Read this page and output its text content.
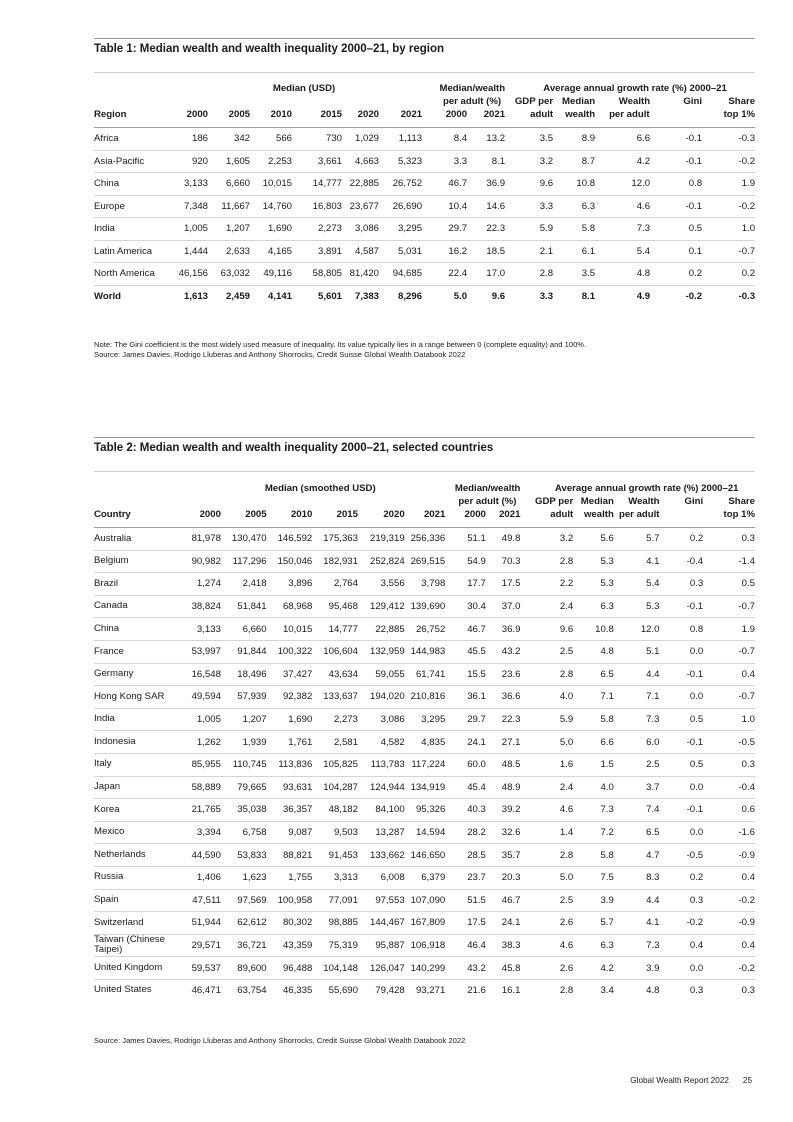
Table 1: Median wealth and wealth inequality 2000–21, by region
	Median (USD)						Median/wealth		Average annual growth rate (%) 2000–21				
							per adult (%)		GDP per	Median	Wealth	Gini	Share
Region	2000	2005	2010	2015	2020	2021	2000	2021	adult	wealth	per adult		top 1%
Africa	186	342	566	730	1,029	1,113	8.4	13.2	3.5	8.9	6.6	-0.1	-0.3
Asia-Pacific	920	1,605	2,253	3,661	4,663	5,323	3.3	8.1	3.2	8.7	4.2	-0.1	-0.2
China	3,133	6,660	10,015	14,777	22,885	26,752	46.7	36.9	9.6	10.8	12.0	0.8	1.9
Europe	7,348	11,667	14,760	16,803	23,677	26,690	10.4	14.6	3.3	6.3	4.6	-0.1	-0.2
India	1,005	1,207	1,690	2,273	3,086	3,295	29.7	22.3	5.9	5.8	7.3	0.5	1.0
Latin America	1,444	2,633	4,165	3,891	4,587	5,031	16.2	18.5	2.1	6.1	5.4	0.1	-0.7
North America	46,156	63,032	49,116	58,805	81,420	94,685	22.4	17.0	2.8	3.5	4.8	0.2	0.2
World	1,613	2,459	4,141	5,601	7,383	8,296	5.0	9.6	3.3	8.1	4.9	-0.2	-0.3
Note: The Gini coefficient is the most widely used measure of inequality. Its value typically lies in a range between 0 (complete equality) and 100%.
Source: James Davies, Rodrigo Lluberas and Anthony Shorrocks, Credit Suisse Global Wealth Databook 2022
Table 2: Median wealth and wealth inequality 2000–21, selected countries
	Median (smoothed USD)						Median/wealth		Average annual growth rate (%) 2000–21				
							per adult (%)		GDP per	Median	Wealth	Gini	Share
Country	2000	2005	2010	2015	2020	2021	2000	2021	adult	wealth	per adult		top 1%
Australia	81,978	130,470	146,592	175,363	219,319	256,336	51.1	49.8	3.2	5.6	5.7	0.2	0.3
Belgium	90,982	117,296	150,046	182,931	252,824	269,515	54.9	70.3	2.8	5.3	4.1	-0.4	-1.4
Brazil	1,274	2,418	3,896	2,764	3,556	3,798	17.7	17.5	2.2	5.3	5.4	0.3	0.5
Canada	38,824	51,841	68,968	95,468	129,412	139,690	30.4	37.0	2.4	6.3	5.3	-0.1	-0.7
China	3,133	6,660	10,015	14,777	22,885	26,752	46.7	36.9	9.6	10.8	12.0	0.8	1.9
France	53,997	91,844	100,322	106,604	132,959	144,983	45.5	43.2	2.5	4.8	5.1	0.0	-0.7
Germany	16,548	18,496	37,427	43,634	59,055	61,741	15.5	23.6	2.8	6.5	4.4	-0.1	0.4
Hong Kong SAR	49,594	57,939	92,382	133,637	194,020	210,816	36.1	36.6	4.0	7.1	7.1	0.0	-0.7
India	1,005	1,207	1,690	2,273	3,086	3,295	29.7	22.3	5.9	5.8	7.3	0.5	1.0
Indonesia	1,262	1,939	1,761	2,581	4,582	4,835	24.1	27.1	5.0	6.6	6.0	-0.1	-0.5
Italy	85,955	110,745	113,836	105,825	113,783	117,224	60.0	48.5	1.6	1.5	2.5	0.5	0.3
Japan	58,889	79,665	93,631	104,287	124,944	134,919	45.4	48.9	2.4	4.0	3.7	0.0	-0.4
Korea	21,765	35,038	36,357	48,182	84,100	95,326	40.3	39.2	4.6	7.3	7.4	-0.1	0.6
Mexico	3,394	6,758	9,087	9,503	13,287	14,594	28.2	32.6	1.4	7.2	6.5	0.0	-1.6
Netherlands	44,590	53,833	88,821	91,453	133,662	146,650	28.5	35.7	2.8	5.8	4.7	-0.5	-0.9
Russia	1,406	1,623	1,755	3,313	6,008	6,379	23.7	20.3	5.0	7.5	8.3	0.2	0.4
Spain	47,511	97,569	100,958	77,091	97,553	107,090	51.5	46.7	2.5	3.9	4.4	0.3	-0.2
Switzerland	51,944	62,612	80,302	98,885	144,467	167,809	17.5	24.1	2.6	5.7	4.1	-0.2	-0.9
Taiwan (Chinese Taipei)	29,571	36,721	43,359	75,319	95,887	106,918	46.4	38.3	4.6	6.3	7.3	0.4	0.4
United Kingdom	59,537	89,600	96,488	104,148	126,047	140,299	43.2	45.8	2.6	4.2	3.9	0.0	-0.2
United States	46,471	63,754	46,335	55,690	79,428	93,271	21.6	16.1	2.8	3.4	4.8	0.3	0.3
Source: James Davies, Rodrigo Lluberas and Anthony Shorrocks, Credit Suisse Global Wealth Databook 2022
Global Wealth Report 2022 25
